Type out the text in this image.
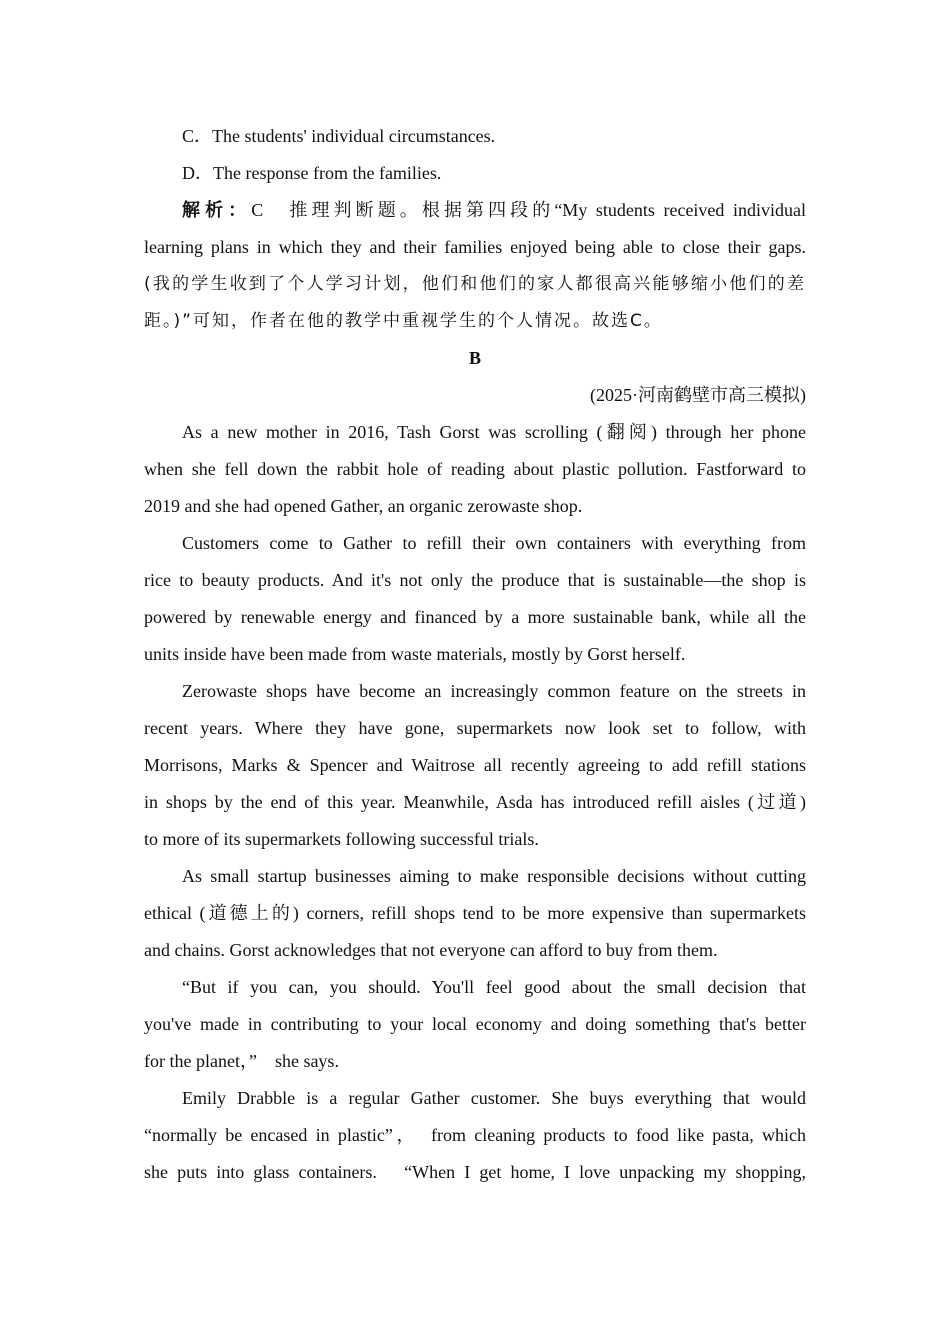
C．The students' individual circumstances.
D．The response from the families.
解析：C　推理判断题。根据第四段的“My students received individual
learning plans in which they and their families enjoyed being able to close their gaps.
(我的学生收到了个人学习计划，他们和他们的家人都很高兴能够缩小他们的差
距。)”可知，作者在他的教学中重视学生的个人情况。故选C。
B
(2025·河南鹤壁市高三模拟)
As a new mother in 2016, Tash Gorst was scrolling (翻阅) through her phone
when she fell down the rabbit hole of reading about plastic pollution. Fastforward to
2019 and she had opened Gather, an organic zerowaste shop.
Customers come to Gather to refill their own containers with everything from
rice to beauty products. And it's not only the produce that is sustainable—the shop is
powered by renewable energy and financed by a more sustainable bank, while all the
units inside have been made from waste materials, mostly by Gorst herself.
Zerowaste shops have become an increasingly common feature on the streets in
recent years. Where they have gone, supermarkets now look set to follow, with
Morrisons, Marks & Spencer and Waitrose all recently agreeing to add refill stations
in shops by the end of this year. Meanwhile, Asda has introduced refill aisles (过道)
to more of its supermarkets following successful trials.
As small startup businesses aiming to make responsible decisions without cutting
ethical (道德上的) corners, refill shops tend to be more expensive than supermarkets
and chains. Gorst acknowledges that not everyone can afford to buy from them.
“But if you can, you should. You'll feel good about the small decision that
you've made in contributing to your local economy and doing something that's better
for the planet，”　she says.
Emily Drabble is a regular Gather customer. She buys everything that would
“normally be encased in plastic”，　from cleaning products to food like pasta, which
she puts into glass containers.　“When I get home, I love unpacking my shopping,
